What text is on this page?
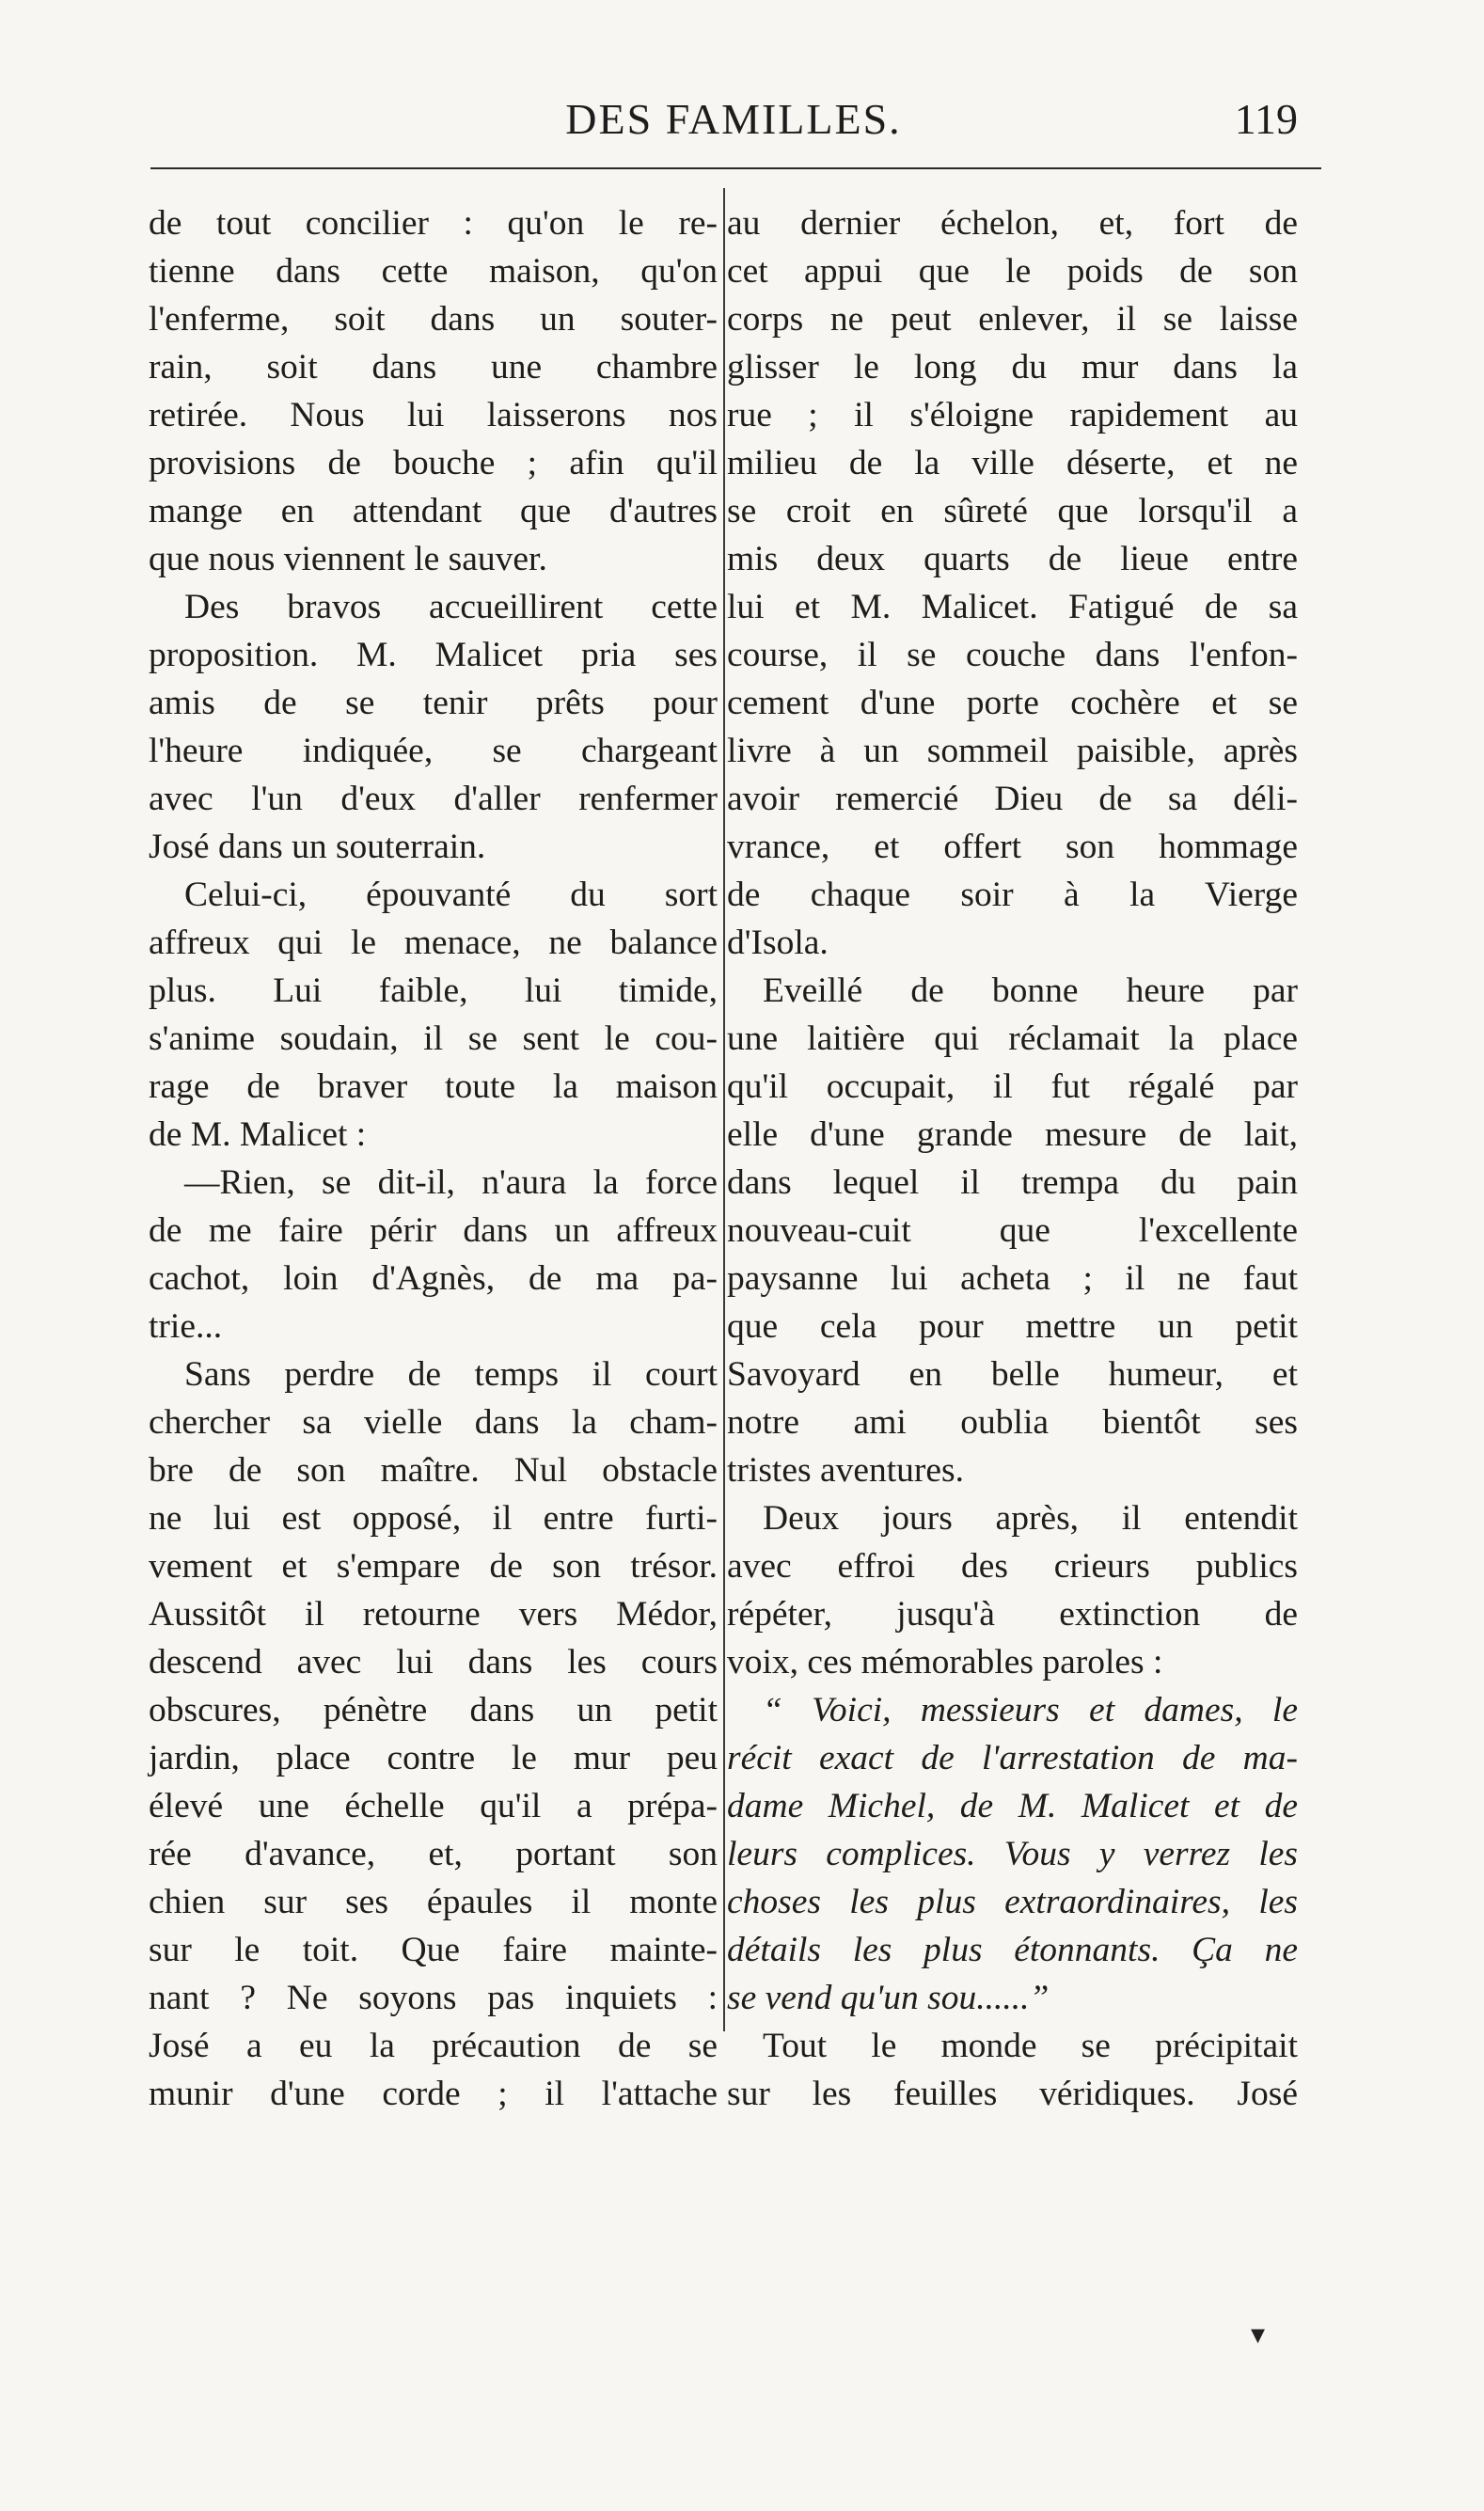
DES FAMILLES.	119
de tout concilier : qu'on le re-
tienne dans cette maison, qu'on
l'enferme, soit dans un souter-
rain, soit dans une chambre
retirée. Nous lui laisserons nos
provisions de bouche ; afin qu'il
mange en attendant que d'autres
que nous viennent le sauver.
Des bravos accueillirent cette
proposition. M. Malicet pria ses
amis de se tenir prêts pour
l'heure indiquée, se chargeant
avec l'un d'eux d'aller renfermer
José dans un souterrain.
Celui-ci, épouvanté du sort
affreux qui le menace, ne balance
plus. Lui faible, lui timide,
s'anime soudain, il se sent le cou-
rage de braver toute la maison
de M. Malicet :
—Rien, se dit-il, n'aura la force
de me faire périr dans un affreux
cachot, loin d'Agnès, de ma pa-
trie...
Sans perdre de temps il court
chercher sa vielle dans la cham-
bre de son maître. Nul obstacle
ne lui est opposé, il entre furti-
vement et s'empare de son trésor.
Aussitôt il retourne vers Médor,
descend avec lui dans les cours
obscures, pénètre dans un petit
jardin, place contre le mur peu
élevé une échelle qu'il a prépa-
rée d'avance, et, portant son
chien sur ses épaules il monte
sur le toit. Que faire mainte-
nant ? Ne soyons pas inquiets :
José a eu la précaution de se
munir d'une corde ; il l'attache
au dernier échelon, et, fort de
cet appui que le poids de son
corps ne peut enlever, il se laisse
glisser le long du mur dans la
rue ; il s'éloigne rapidement au
milieu de la ville déserte, et ne
se croit en sûreté que lorsqu'il a
mis deux quarts de lieue entre
lui et M. Malicet. Fatigué de sa
course, il se couche dans l'enfon-
cement d'une porte cochère et se
livre à un sommeil paisible, après
avoir remercié Dieu de sa déli-
vrance, et offert son hommage
de chaque soir à la Vierge
d'Isola.
Eveillé de bonne heure par
une laitière qui réclamait la place
qu'il occupait, il fut régalé par
elle d'une grande mesure de lait,
dans lequel il trempa du pain
nouveau-cuit que l'excellente
paysanne lui acheta ; il ne faut
que cela pour mettre un petit
Savoyard en belle humeur, et
notre ami oublia bientôt ses
tristes aventures.
Deux jours après, il entendit
avec effroi des crieurs publics
répéter, jusqu'à extinction de
voix, ces mémorables paroles :
“ Voici, messieurs et dames, le
récit exact de l'arrestation de ma-
dame Michel, de M. Malicet et de
leurs complices. Vous y verrez les
choses les plus extraordinaires, les
détails les plus étonnants. Ça ne
se vend qu'un sou......”
Tout le monde se précipitait
sur les feuilles véridiques. José
▾
